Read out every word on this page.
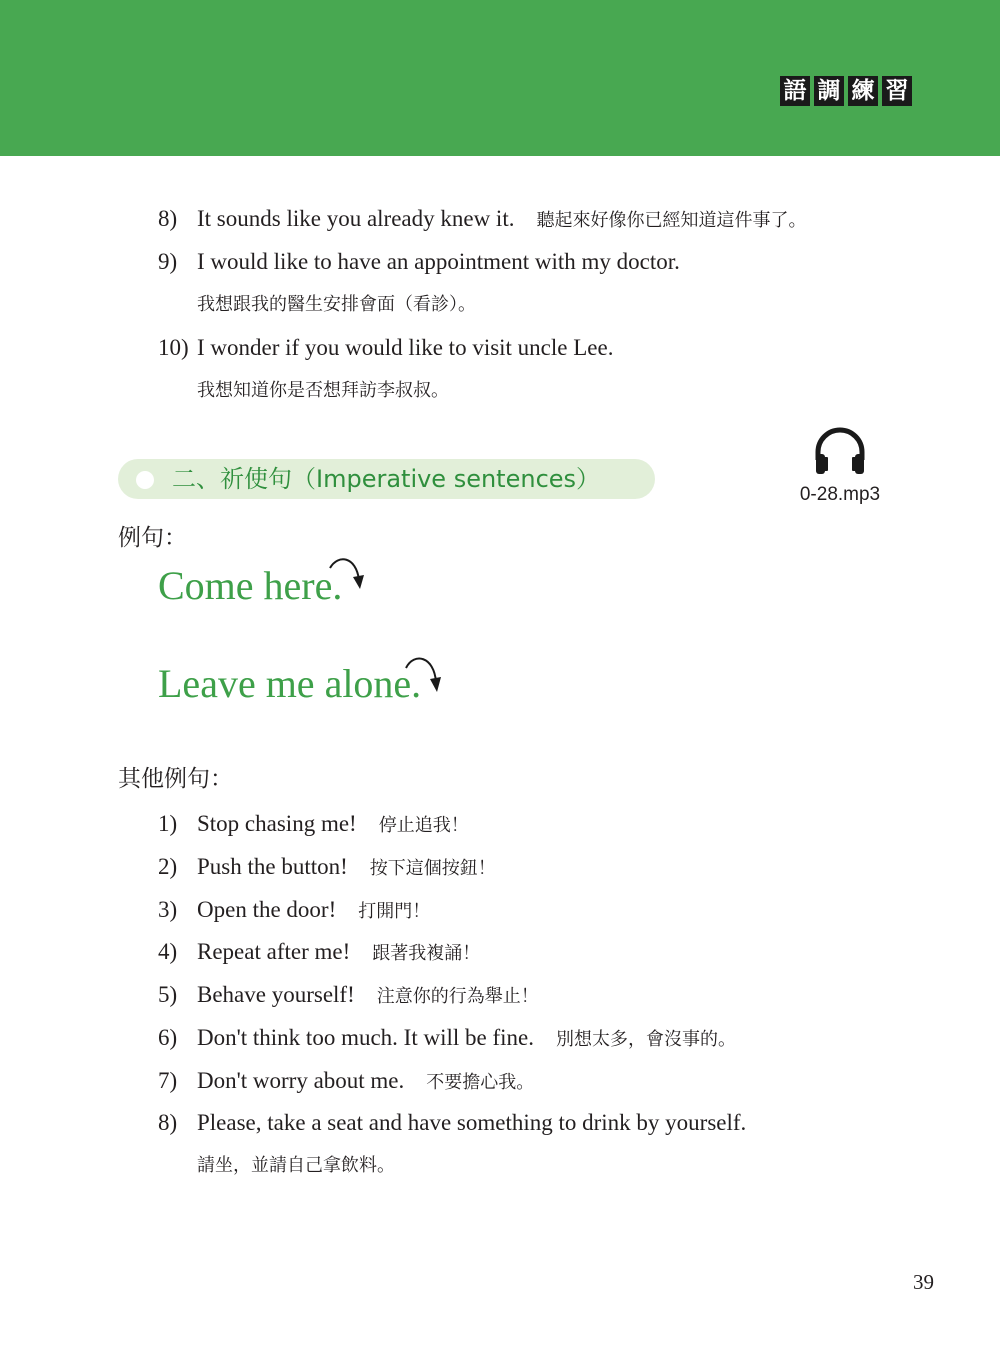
語 調 練 習
8) It sounds like you already knew it. 聽起來好像你已經知道這件事了。
9) I would like to have an appointment with my doctor.
我想跟我的醫生安排會面（看診）。
10) I wonder if you would like to visit uncle Lee.
我想知道你是否想拜訪李叔叔。
二、祈使句（Imperative sentences）
0-28.mp3
例句：
Come here.
Leave me alone.
其他例句：
1) Stop chasing me! 停止追我！
2) Push the button! 按下這個按鈕！
3) Open the door! 打開門！
4) Repeat after me! 跟著我複誦！
5) Behave yourself! 注意你的行為舉止！
6) Don't think too much. It will be fine. 別想太多，會沒事的。
7) Don't worry about me. 不要擔心我。
8) Please, take a seat and have something to drink by yourself.
請坐，並請自己拿飲料。
39
